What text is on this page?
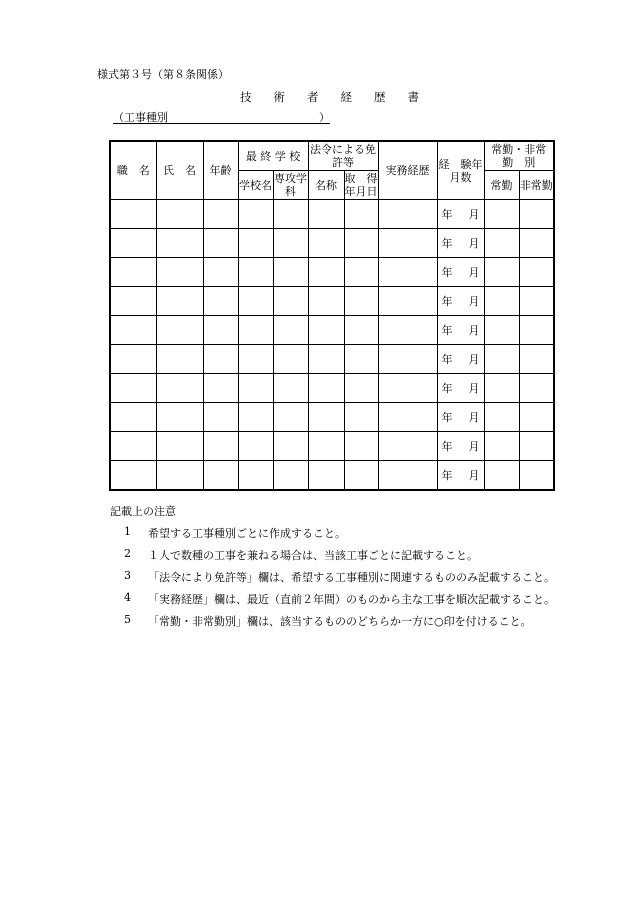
様式第３号（第８条関係）
技 術 者 経 歴 書
（工事種別	）
職　名	氏　名	年齢	最 終 学 校		法令による免許等		実務経歴	経　験年月数	常勤・非常　勤　別	
			学校名	専攻学科	名称	取　得年月日			常勤	非常勤
								年 月		
								年 月		
								年 月		
								年 月		
								年 月		
								年 月		
								年 月		
								年 月		
								年 月		
								年 月		
記載上の注意
1 希望する工事種別ごとに作成すること。
2 １人で数種の工事を兼ねる場合は、当該工事ごとに記載すること。
3 「法令により免許等」欄は、希望する工事種別に関連するもののみ記載すること。
4 「実務経歴」欄は、最近（直前２年間）のものから主な工事を順次記載すること。
5 「常勤・非常勤別」欄は、該当するもののどちらか一方に○印を付けること。
